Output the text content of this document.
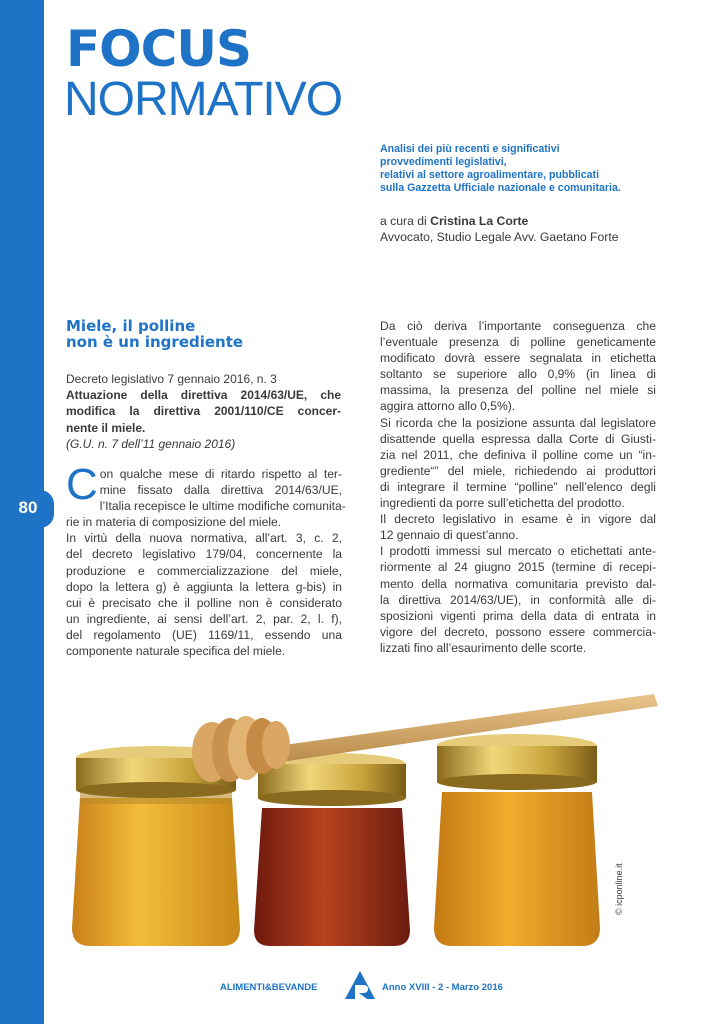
80
FOCUS
NORMATIVO
Analisi dei più recenti e significativi
provvedimenti legislativi,
relativi al settore agroalimentare, pubblicati
sulla Gazzetta Ufficiale nazionale e comunitaria.
a cura di Cristina La Corte
Avvocato, Studio Legale Avv. Gaetano Forte
Miele, il polline
non è un ingrediente
Decreto legislativo 7 gennaio 2016, n. 3
Attuazione della direttiva 2014/63/UE, che
modifica la direttiva 2001/110/CE concer-
nente il miele.
(G.U. n. 7 dell’11 gennaio 2016)
C on qualche mese di ritardo rispetto al ter-
mine fissato dalla direttiva 2014/63/UE,
l’Italia recepisce le ultime modifiche comunita-
rie in materia di composizione del miele.
In virtù della nuova normativa, all’art. 3, c. 2,
del decreto legislativo 179/04, concernente la
produzione e commercializzazione del miele,
dopo la lettera g) è aggiunta la lettera g-bis) in
cui è precisato che il polline non è considerato
un ingrediente, ai sensi dell’art. 2, par. 2, l. f),
del regolamento (UE) 1169/11, essendo una
componente naturale specifica del miele.
Da ciò deriva l’importante conseguenza che
l’eventuale presenza di polline geneticamente
modificato dovrà essere segnalata in etichetta
soltanto se superiore allo 0,9% (in linea di
massima, la presenza del polline nel miele si
aggira attorno allo 0,5%).
Si ricorda che la posizione assunta dal legislatore
disattende quella espressa dalla Corte di Giusti-
zia nel 2011, che definiva il polline come un “in-
grediente“” del miele, richiedendo ai produttori
di integrare il termine “polline” nell’elenco degli
ingredienti da porre sull’etichetta del prodotto.
Il decreto legislativo in esame è in vigore dal
12 gennaio di quest’anno.
I prodotti immessi sul mercato o etichettati ante-
riormente al 24 giugno 2015 (termine di recepi-
mento della normativa comunitaria previsto dal-
la direttiva 2014/63/UE), in conformità alle di-
sposizioni vigenti prima della data di entrata in
vigore del decreto, possono essere commercia-
lizzati fino all’esaurimento delle scorte.
© icponline.it
ALIMENTI&BEVANDE	Anno XVIII - 2 - Marzo 2016
